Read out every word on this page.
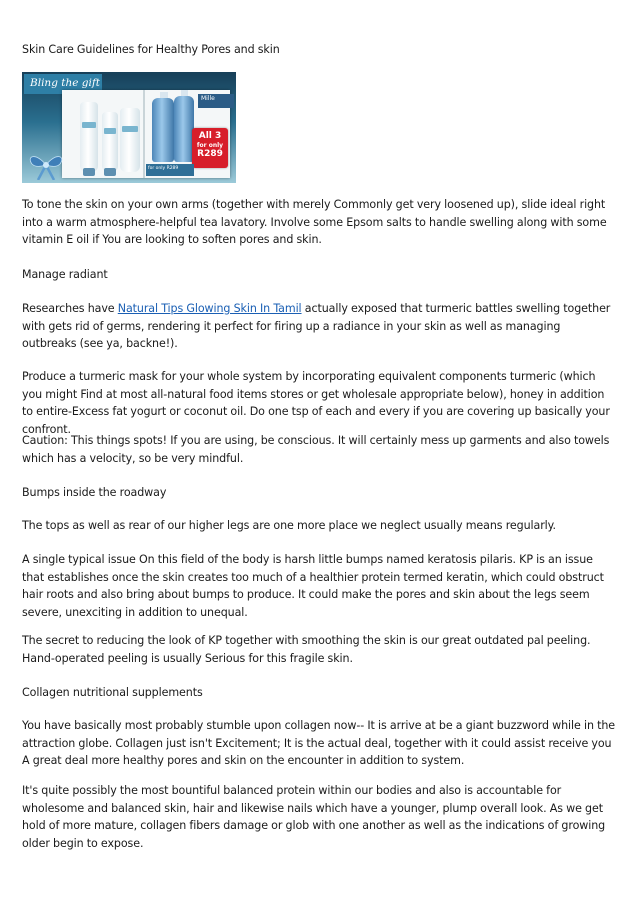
Skin Care Guidelines for Healthy Pores and skin

Bling the gift
Mille
All 3
for only
R289
for only R289

To tone the skin on your own arms (together with merely Commonly get very loosened up), slide ideal right into a warm atmosphere-helpful tea lavatory. Involve some Epsom salts to handle swelling along with some vitamin E oil if You are looking to soften pores and skin.

Manage radiant

Researches have Natural Tips Glowing Skin In Tamil actually exposed that turmeric battles swelling together with gets rid of germs, rendering it perfect for firing up a radiance in your skin as well as managing outbreaks (see ya, backne!).

Produce a turmeric mask for your whole system by incorporating equivalent components turmeric (which you might Find at most all-natural food items stores or get wholesale appropriate below), honey in addition to entire-Excess fat yogurt or coconut oil. Do one tsp of each and every if you are covering up basically your confront.

Caution: This things spots! If you are using, be conscious. It will certainly mess up garments and also towels which has a velocity, so be very mindful.

Bumps inside the roadway

The tops as well as rear of our higher legs are one more place we neglect usually means regularly.

A single typical issue On this field of the body is harsh little bumps named keratosis pilaris. KP is an issue that establishes once the skin creates too much of a healthier protein termed keratin, which could obstruct hair roots and also bring about bumps to produce. It could make the pores and skin about the legs seem severe, unexciting in addition to unequal.

The secret to reducing the look of KP together with smoothing the skin is our great outdated pal peeling. Hand-operated peeling is usually Serious for this fragile skin.

Collagen nutritional supplements

You have basically most probably stumble upon collagen now-- It is arrive at be a giant buzzword while in the attraction globe. Collagen just isn't Excitement; It is the actual deal, together with it could assist receive you A great deal more healthy pores and skin on the encounter in addition to system.

It's quite possibly the most bountiful balanced protein within our bodies and also is accountable for wholesome and balanced skin, hair and likewise nails which have a younger, plump overall look. As we get hold of more mature, collagen fibers damage or glob with one another as well as the indications of growing older begin to expose.
